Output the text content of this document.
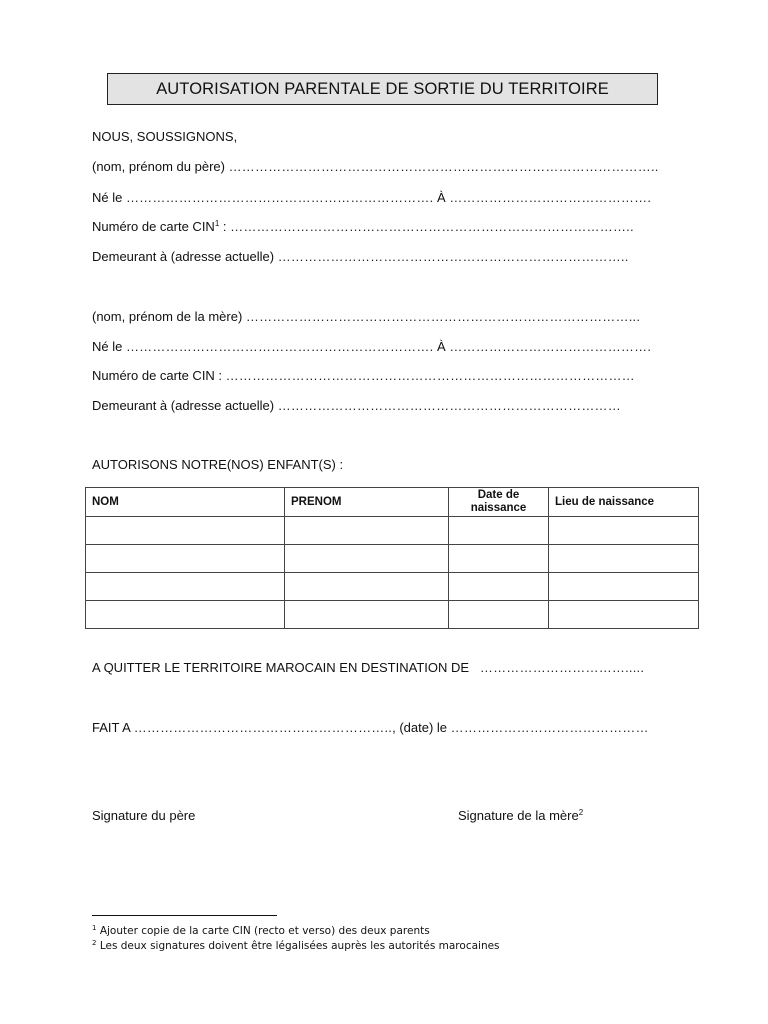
AUTORISATION PARENTALE DE SORTIE DU TERRITOIRE
NOUS, SOUSSIGNONS,
(nom, prénom du père) ……………………………………………………………………………………..
Né le ……………………………………………………………. À ……………………………………….
Numéro de carte CIN$^1$ : ………………………………………………………………………………..
Demeurant à (adresse actuelle) ……………………………………………………………………..
(nom, prénom de la mère) ……………………………………………………………………………...
Né le ……………………………………………………………. À ……………………………………….
Numéro de carte CIN : …………………………………………………………………………………
Demeurant à (adresse actuelle) ……………………………………………………………………
AUTORISONS NOTRE(NOS) ENFANT(S) :
NOM	PRENOM	Date de naissance	Lieu de naissance

A QUITTER LE TERRITOIRE MAROCAIN EN DESTINATION DE …………………………….....
FAIT A ………………………………………………….., (date) le ………………………………………
Signature du père	Signature de la mère$^2$
$^1$ Ajouter copie de la carte CIN (recto et verso) des deux parents
$^2$ Les deux signatures doivent être légalisées auprès les autorités marocaines
